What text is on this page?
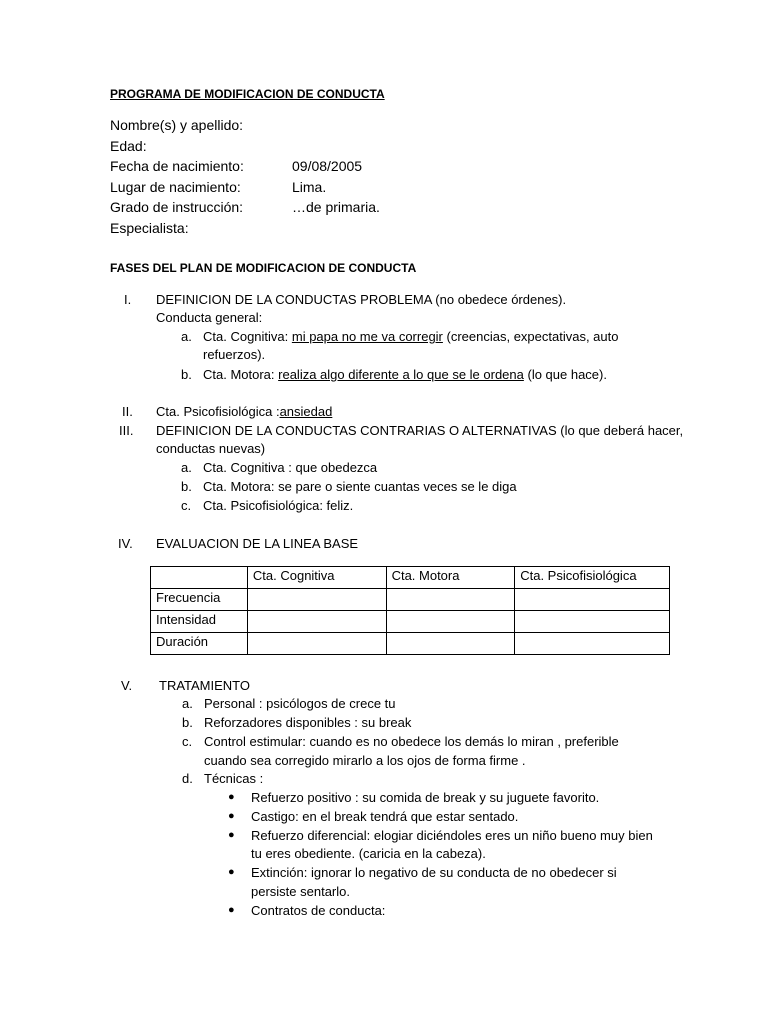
PROGRAMA DE MODIFICACION DE CONDUCTA
Nombre(s) y apellido:
Edad:
Fecha de nacimiento:	09/08/2005
Lugar de nacimiento:	Lima.
Grado de instrucción:	…de primaria.
Especialista:
FASES DEL PLAN DE MODIFICACION DE CONDUCTA
I. DEFINICION DE LA CONDUCTAS PROBLEMA (no obedece órdenes).
Conducta general:
a. Cta. Cognitiva: mi papa no me va corregir (creencias, expectativas, auto
refuerzos).
b. Cta. Motora: realiza algo diferente a lo que se le ordena (lo que hace).
II. Cta. Psicofisiológica :ansiedad
III. DEFINICION DE LA CONDUCTAS CONTRARIAS O ALTERNATIVAS (lo que deberá hacer,
conductas nuevas)
a. Cta. Cognitiva : que obedezca
b. Cta. Motora: se pare o siente cuantas veces se le diga
c. Cta. Psicofisiológica: feliz.
IV. EVALUACION DE LA LINEA BASE
	Cta. Cognitiva	Cta. Motora	Cta. Psicofisiológica
Frecuencia			
Intensidad			
Duración			
V. TRATAMIENTO
a. Personal : psicólogos de crece tu
b. Reforzadores disponibles : su break
c. Control estimular: cuando es no obedece los demás lo miran , preferible
cuando sea corregido mirarlo a los ojos de forma firme .
d. Técnicas :
● Refuerzo positivo : su comida de break y su juguete favorito.
● Castigo: en el break tendrá que estar sentado.
● Refuerzo diferencial: elogiar diciéndoles eres un niño bueno muy bien
tu eres obediente. (caricia en la cabeza).
● Extinción: ignorar lo negativo de su conducta de no obedecer si
persiste sentarlo.
● Contratos de conducta:
